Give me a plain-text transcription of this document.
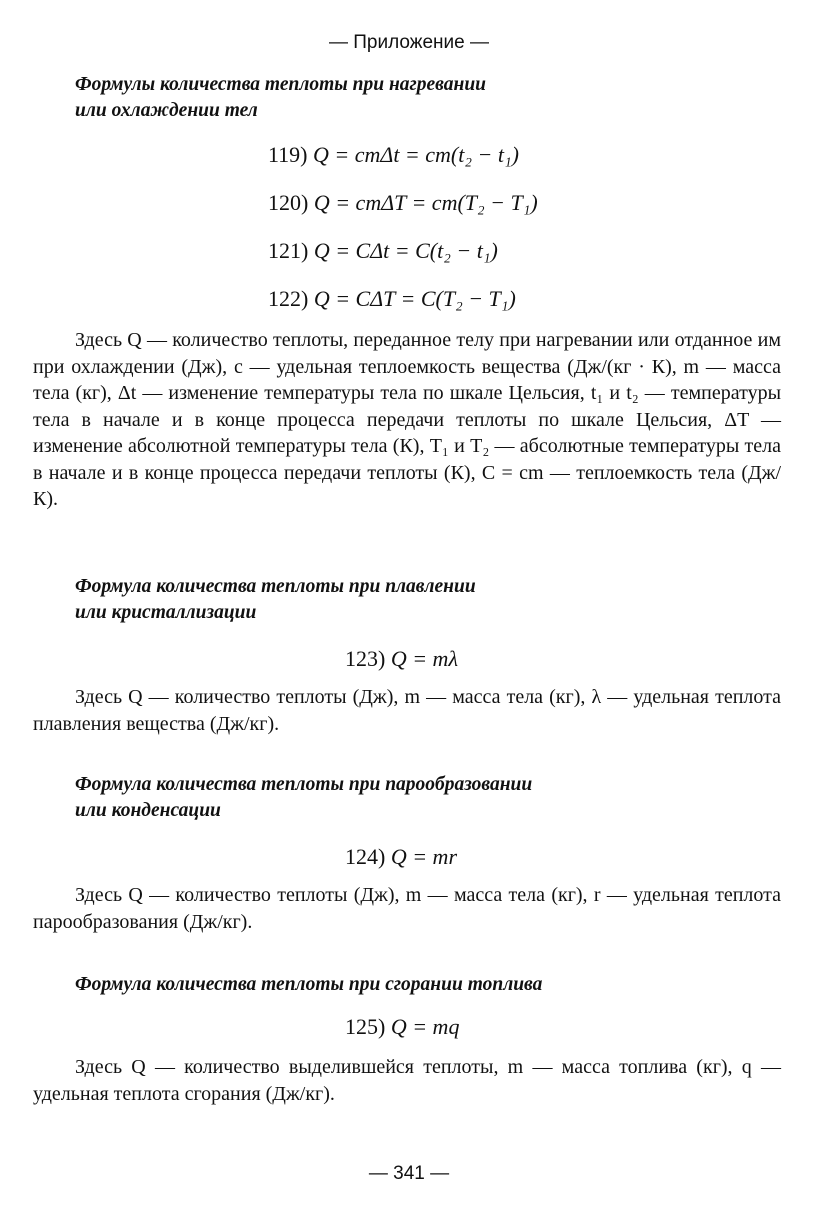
— Приложение —
Формулы количества теплоты при нагревании
или охлаждении тел
119) Q = cmΔt = cm(t₂ − t₁)
120) Q = cmΔT = cm(T₂ − T₁)
121) Q = CΔt = C(t₂ − t₁)
122) Q = CΔT = C(T₂ − T₁)

Здесь Q — количество теплоты, переданное телу при нагревании или отданное им при охлаждении (Дж), c — удельная теплоемкость вещества (Дж/(кг · К), m — масса тела (кг), Δt — изменение температуры тела по шкале Цельсия, t₁ и t₂ — температуры тела в начале и в конце процесса передачи теплоты по шкале Цельсия, ΔT — изменение абсолютной температуры тела (К), T₁ и T₂ — абсолютные температуры тела в начале и в конце процесса передачи теплоты (К), C = cm — теплоемкость тела (Дж/К).

Формула количества теплоты при плавлении
или кристаллизации
123) Q = mλ

Здесь Q — количество теплоты (Дж), m — масса тела (кг), λ — удельная теплота плавления вещества (Дж/кг).

Формула количества теплоты при парообразовании
или конденсации
124) Q = mr

Здесь Q — количество теплоты (Дж), m — масса тела (кг), r — удельная теплота парообразования (Дж/кг).

Формула количества теплоты при сгорании топлива
125) Q = mq

Здесь Q — количество выделившейся теплоты, m — масса топлива (кг), q — удельная теплота сгорания (Дж/кг).

— 341 —
